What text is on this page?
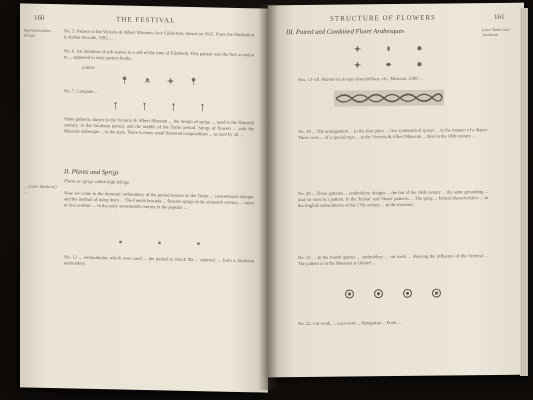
160	THE FESTIVAL
Representations ... design	No. 5. Pattern in the Victoria & Albert Museum, lace Collection, drawn on 1612. From the illustration in Italian brocade, 1582, ...
No. 6. An imitation of silk woven in a silk of the time of Elizabeth. This pattern was the first occasion to ... appeared in early pattern books.
Lattice
No. 7. Compare...
Other patterns shown in the Victoria & Albert Museum ... the design of sprigs ... used in the fifteenth century, in the Jacobean period, and the middle of the Tudor period. Sprigs of flowers ... with the Moorish arabesque ... in the style. There is many small flowered compositions ... as used by all ...
II. Plants and Sprigs
Plants or sprigs within high foliage.
... (Later Medieval) ...	Now we come to the domestic embroidery of the period known as the Tudor ... conventional designs and the method of using them ... The French brocade ... flowers sprigs of the sixteenth century, ... more or less realistic ... in the early seventeenth century in the popular ...
No. 12 ... embroideries which were used ... the period to which Mr ... referred. ... from a Jacobean embroidery.
STRUCTURE OF FLOWERS	161
III. Paired and Combined Floret Arabesques	Later Tudor and Jacobean
Nos. 13–18. Mannerist design of medallions, etc., Museum, 1580; ...
No. 19 ... The arrangement ... in the first place ... two symmetrical sprays ... in the manner of a diaper. These were ... of a special type ... in the Victoria & Albert Museum ... later in the 16th century ...
No. 20 ... These patterns ... embroidery designs ... the last of the 16th century ... the same grounding ... may be seen in a pattern. In the 'Italian' and 'Stuart' patterns ... The sprig ... formal characteristics ... in the English embroideries of the 17th century ... in the museum.
No. 21 ... In the fourth quarter ... embroidery ... cut work ... showing the influence of the Oriental ... The pattern is in the Museum at Oxford ...
No. 22. Cut-work. ... Lacework ... Hungarian ... From ...
